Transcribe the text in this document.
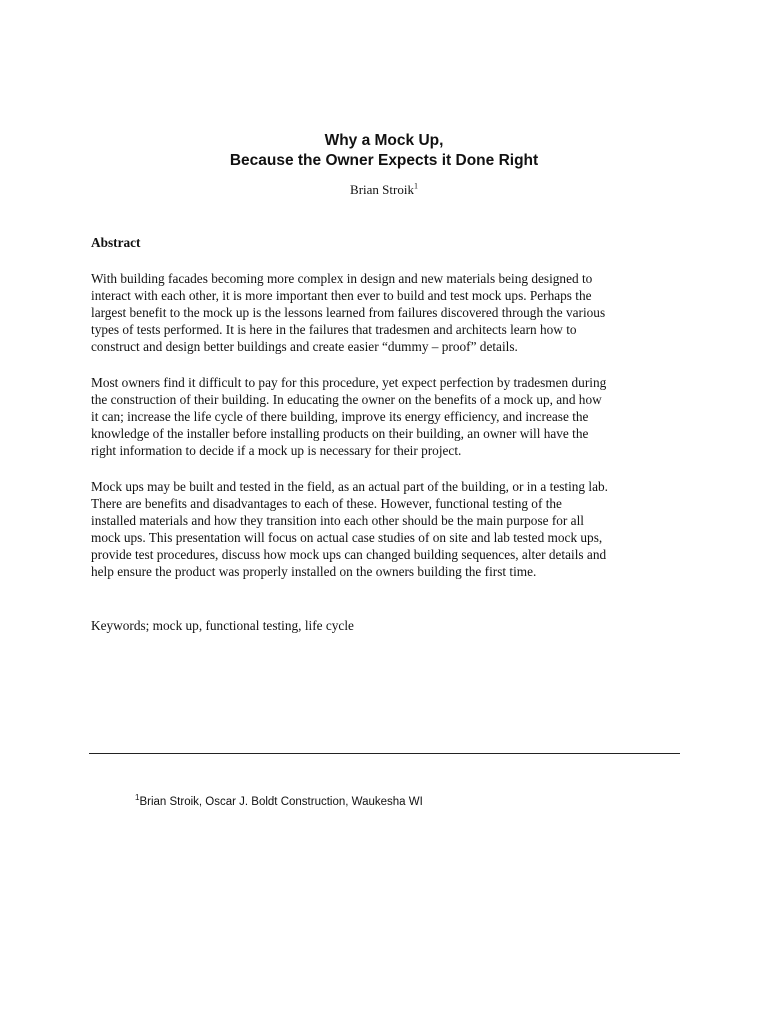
Why a Mock Up,
Because the Owner Expects it Done Right

Brian Stroik$^1$

Abstract

With building facades becoming more complex in design and new materials being designed to
interact with each other, it is more important then ever to build and test mock ups. Perhaps the
largest benefit to the mock up is the lessons learned from failures discovered through the various
types of tests performed. It is here in the failures that tradesmen and architects learn how to
construct and design better buildings and create easier “dummy – proof” details.

Most owners find it difficult to pay for this procedure, yet expect perfection by tradesmen during
the construction of their building. In educating the owner on the benefits of a mock up, and how
it can; increase the life cycle of there building, improve its energy efficiency, and increase the
knowledge of the installer before installing products on their building, an owner will have the
right information to decide if a mock up is necessary for their project.

Mock ups may be built and tested in the field, as an actual part of the building, or in a testing lab.
There are benefits and disadvantages to each of these. However, functional testing of the
installed materials and how they transition into each other should be the main purpose for all
mock ups. This presentation will focus on actual case studies of on site and lab tested mock ups,
provide test procedures, discuss how mock ups can changed building sequences, alter details and
help ensure the product was properly installed on the owners building the first time.

Keywords; mock up, functional testing, life cycle

$^1$Brian Stroik, Oscar J. Boldt Construction, Waukesha WI
